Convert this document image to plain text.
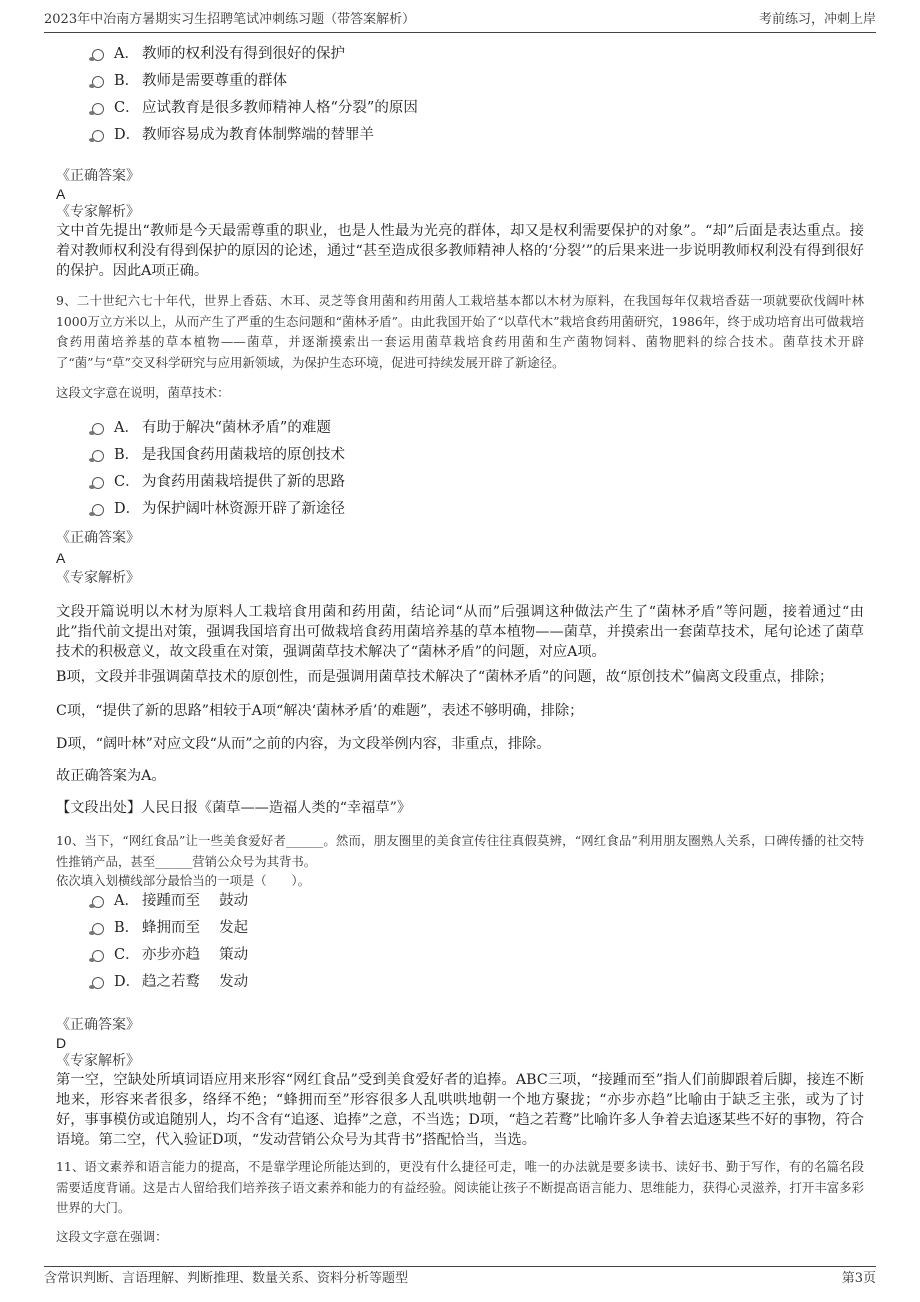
2023年中冶南方暑期实习生招聘笔试冲刺练习题（带答案解析）	考前练习，冲刺上岸
A． 教师的权利没有得到很好的保护
B． 教师是需要尊重的群体
C． 应试教育是很多教师精神人格“分裂”的原因
D． 教师容易成为教育体制弊端的替罪羊

《正确答案》

A

《专家解析》

文中首先提出“教师是今天最需尊重的职业，也是人性最为光亮的群体，却又是权利需要保护的对象”。“却”后面是表达重点。接着对教师权利没有得到保护的原因的论述，通过“甚至造成很多教师精神人格的‘分裂’”的后果来进一步说明教师权利没有得到很好的保护。因此A项正确。

9、二十世纪六七十年代，世界上香菇、木耳、灵芝等食用菌和药用菌人工栽培基本都以木材为原料，在我国每年仅栽培香菇一项就要砍伐阔叶林1000万立方米以上，从而产生了严重的生态问题和“菌林矛盾”。由此我国开始了“以草代木”栽培食药用菌研究，1986年，终于成功培育出可做栽培食药用菌培养基的草本植物——菌草，并逐渐摸索出一套运用菌草栽培食药用菌和生产菌物饲料、菌物肥料的综合技术。菌草技术开辟了“菌”与“草”交叉科学研究与应用新领域，为保护生态环境，促进可持续发展开辟了新途径。

这段文字意在说明，菌草技术：

A． 有助于解决“菌林矛盾”的难题
B． 是我国食药用菌栽培的原创技术
C． 为食药用菌栽培提供了新的思路
D． 为保护阔叶林资源开辟了新途径

《正确答案》

A

《专家解析》

文段开篇说明以木材为原料人工栽培食用菌和药用菌，结论词“从而”后强调这种做法产生了“菌林矛盾”等问题，接着通过“由此”指代前文提出对策，强调我国培育出可做栽培食药用菌培养基的草本植物——菌草，并摸索出一套菌草技术，尾句论述了菌草技术的积极意义，故文段重在对策，强调菌草技术解决了“菌林矛盾”的问题，对应A项。

B项，文段并非强调菌草技术的原创性，而是强调用菌草技术解决了“菌林矛盾”的问题，故“原创技术”偏离文段重点，排除；

C项，“提供了新的思路”相较于A项“解决‘菌林矛盾’的难题”，表述不够明确，排除；

D项，“阔叶林”对应文段“从而”之前的内容，为文段举例内容，非重点，排除。

故正确答案为A。

【文段出处】人民日报《菌草——造福人类的“幸福草”》

10、当下，“网红食品”让一些美食爱好者______。然而，朋友圈里的美食宣传往往真假莫辨，“网红食品”利用朋友圈熟人关系，口碑传播的社交特性推销产品，甚至______营销公众号为其背书。

依次填入划横线部分最恰当的一项是（　　）。

A． 接踵而至　 鼓动
B． 蜂拥而至　 发起
C． 亦步亦趋　 策动
D． 趋之若鹜　 发动

《正确答案》

D

《专家解析》

第一空，空缺处所填词语应用来形容“网红食品”受到美食爱好者的追捧。ABC三项，“接踵而至”指人们前脚跟着后脚，接连不断地来，形容来者很多，络绎不绝；“蜂拥而至”形容很多人乱哄哄地朝一个地方聚拢；“亦步亦趋”比喻由于缺乏主张，或为了讨好，事事模仿或追随别人，均不含有“追逐、追捧”之意，不当选；D项，“趋之若鹜”比喻许多人争着去追逐某些不好的事物，符合语境。第二空，代入验证D项，“发动营销公众号为其背书”搭配恰当，当选。

11、语文素养和语言能力的提高，不是靠学理论所能达到的，更没有什么捷径可走，唯一的办法就是要多读书、读好书、勤于写作，有的名篇名段需要适度背诵。这是古人留给我们培养孩子语文素养和能力的有益经验。阅读能让孩子不断提高语言能力、思维能力，获得心灵滋养，打开丰富多彩世界的大门。

这段文字意在强调：

含常识判断、言语理解、判断推理、数量关系、资料分析等题型	第3页
